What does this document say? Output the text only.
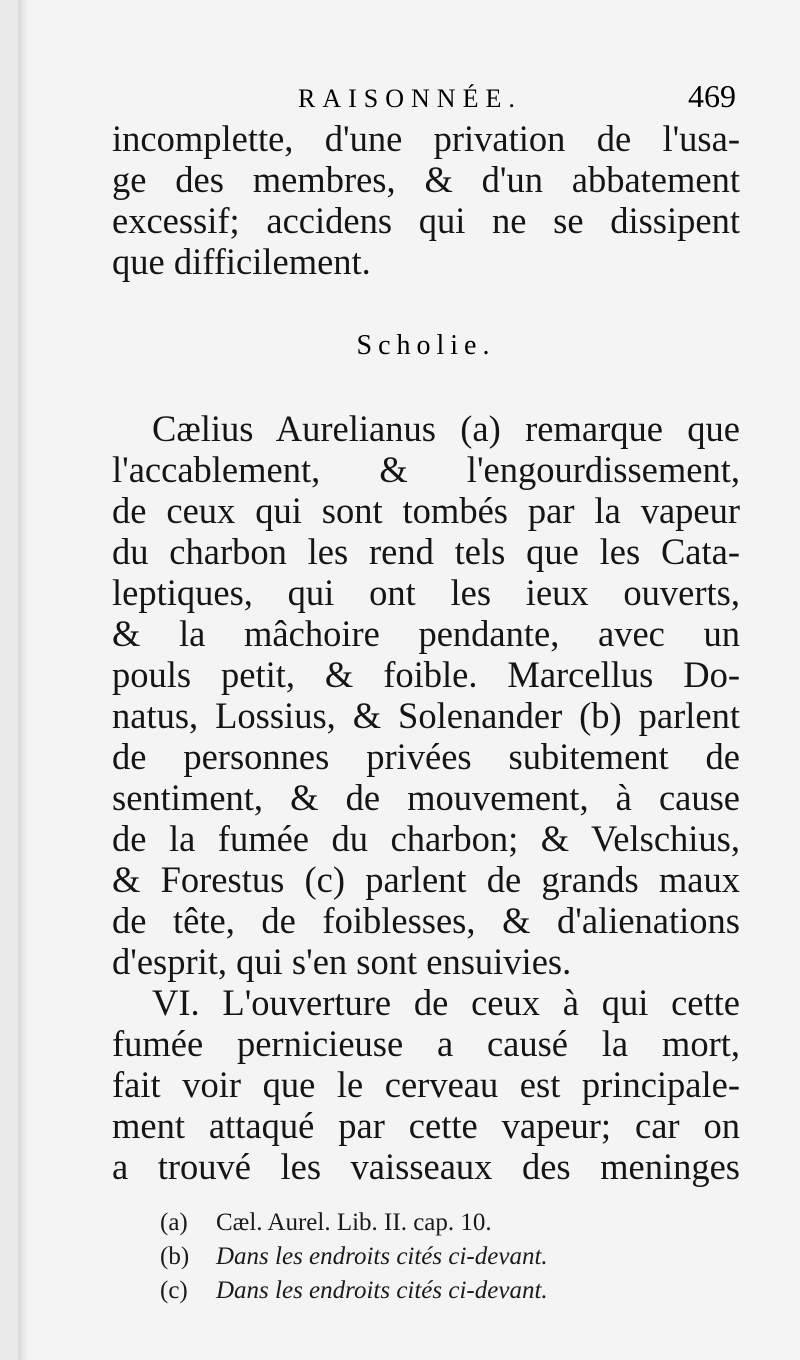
RAISONNÉE.	469
incomplette, d'une privation de l'usa-
ge des membres, & d'un abbatement
excessif; accidens qui ne se dissipent
que difficilement.
Scholie.
Cælius Aurelianus (a) remarque que
l'accablement, & l'engourdissement,
de ceux qui sont tombés par la vapeur
du charbon les rend tels que les Cata-
leptiques, qui ont les ieux ouverts,
& la mâchoire pendante, avec un
pouls petit, & foible. Marcellus Do-
natus, Lossius, & Solenander (b) parlent
de personnes privées subitement de
sentiment, & de mouvement, à cause
de la fumée du charbon; & Velschius,
& Forestus (c) parlent de grands maux
de tête, de foiblesses, & d'alienations
d'esprit, qui s'en sont ensuivies.
VI. L'ouverture de ceux à qui cette
fumée pernicieuse a causé la mort,
fait voir que le cerveau est principale-
ment attaqué par cette vapeur; car on
a trouvé les vaisseaux des meninges
(a) Cæl. Aurel. Lib. II. cap. 10.
(b) Dans les endroits cités ci-devant.
(c) Dans les endroits cités ci-devant.
